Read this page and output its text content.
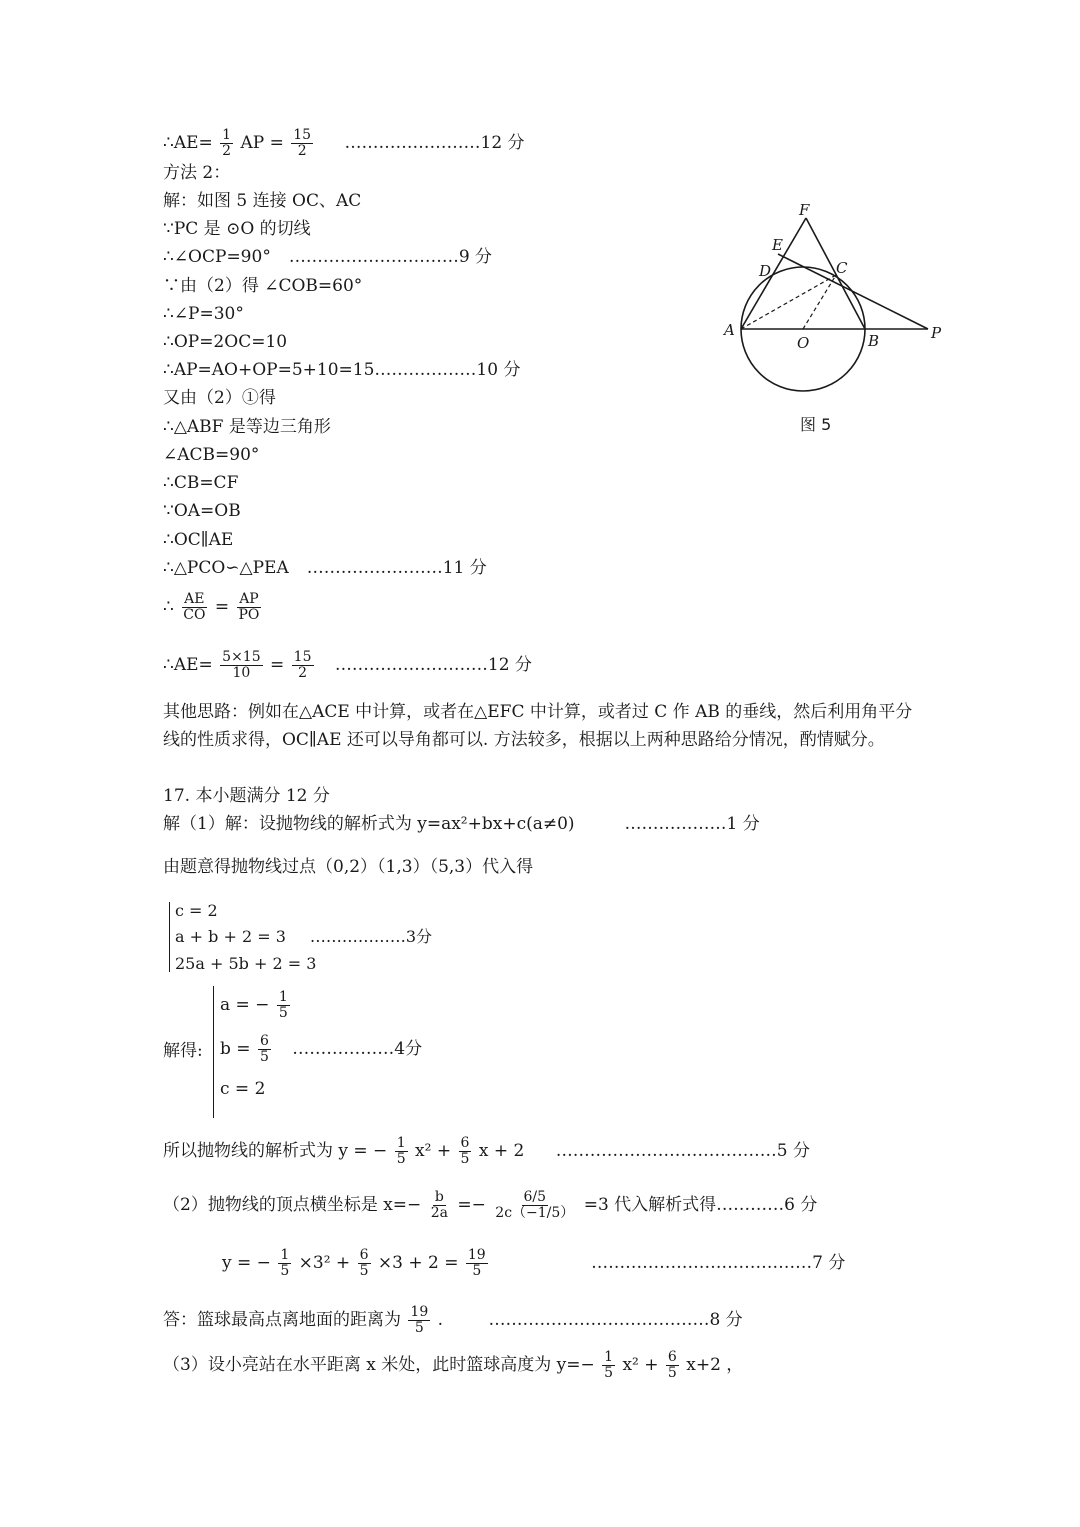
∴AE= $\frac{1}{2}$ AP = $\frac{15}{2}$ ……………………12 分
方法 2：
解：如图 5 连接 OC、AC
∵PC 是 ⊙O 的切线
∴∠OCP=90° …………………………9 分
∵由（2）得 ∠COB=60°
∴∠P=30°
∴OP=2OC=10
∴AP=AO+OP=5+10=15………………10 分
又由（2）①得
∴△ABF 是等边三角形
∠ACB=90°
∴CB=CF
∵OA=OB
∴OC∥AE
∴△PCO∽△PEA ……………………11 分
∴ $\frac{AE}{CO} = \frac{AP}{PO}$
∴AE= $\frac{5\times 15}{10} = \frac{15}{2}$ ………………………12 分
其他思路：例如在△ACE 中计算，或者在△EFC 中计算，或者过 C 作 AB 的垂线，然后利用角平分线的性质求得，OC∥AE 还可以导角都可以. 方法较多，根据以上两种思路给分情况，酌情赋分。
17. 本小题满分 12 分
解（1）解：设抛物线的解析式为 y=ax²+bx+c(a≠0)	………………1 分
由题意得抛物线过点（0,2）（1,3）（5,3）代入得
c = 2
a + b + 2 = 3 ………………3分
25a + 5b + 2 = 3
解得:
a = − $\frac{1}{5}$
$b = \frac{6}{5}$ ………………4分
c = 2
所以抛物线的解析式为 y = − $\frac{1}{5} x^2 + \frac{6}{5}$ x + 2 …………………………………5 分
（2）抛物线的顶点横坐标是 $x=- \frac{b}{2a} =- \frac{6/5}{2c(-1/5)} =3$ 代入解析式得…………6 分
y = − $\frac{1}{5} \times 3^2 + \frac{6}{5} \times 3 + 2 = \frac{19}{5}$	…………………………………7 分
答：篮球最高点离地面的距离为 $\frac{19}{5}$ .	…………………………………8 分
（3）设小亮站在水平距离 x 米处，此时篮球高度为 $y=- \frac{1}{5} x^2 + \frac{6}{5} x+2$ ，
F
E
D	C
A
O	B	P
图 5
